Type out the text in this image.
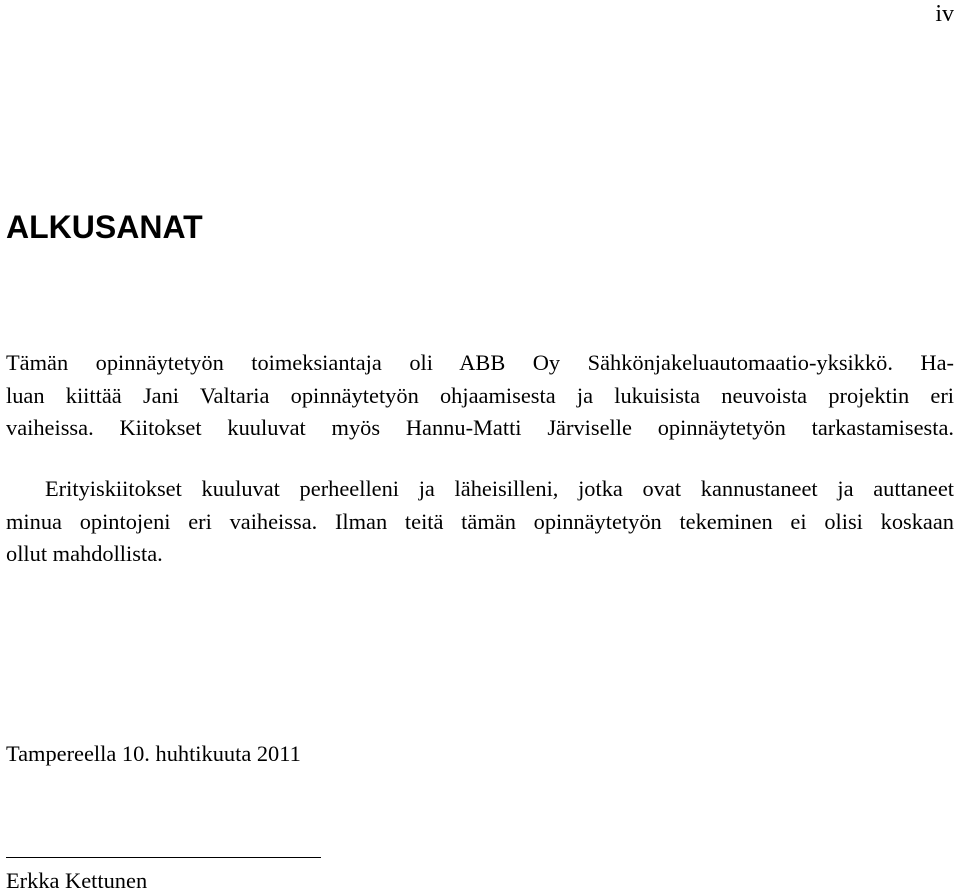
iv
ALKUSANAT
Tämän opinnäytetyön toimeksiantaja oli ABB Oy Sähkönjakeluautomaatio-yksikkö. Ha-
luan kiittää Jani Valtaria opinnäytetyön ohjaamisesta ja lukuisista neuvoista projektin eri
vaiheissa. Kiitokset kuuluvat myös Hannu-Matti Järviselle opinnäytetyön tarkastamisesta.
Erityiskiitokset kuuluvat perheelleni ja läheisilleni, jotka ovat kannustaneet ja auttaneet
minua opintojeni eri vaiheissa. Ilman teitä tämän opinnäytetyön tekeminen ei olisi koskaan
ollut mahdollista.
Tampereella 10. huhtikuuta 2011
Erkka Kettunen
